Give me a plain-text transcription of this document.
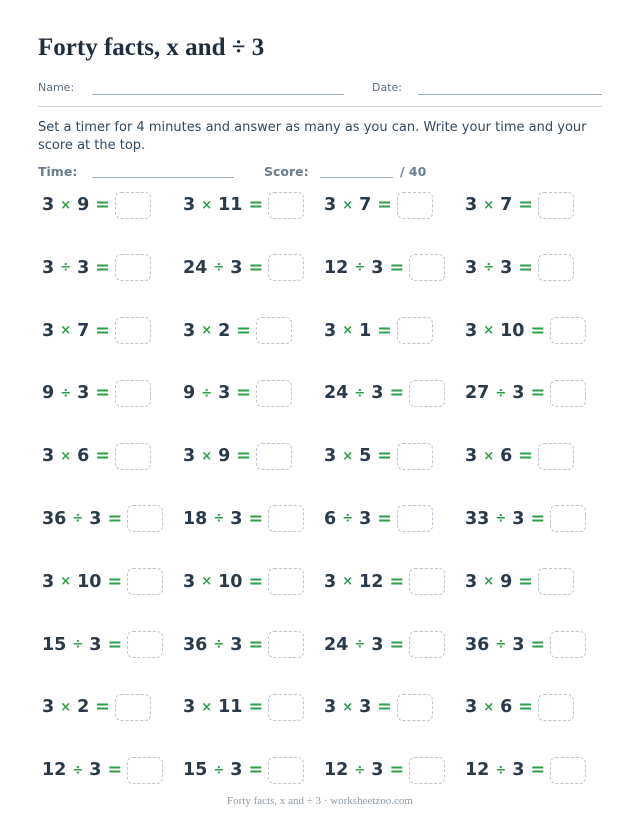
Forty facts, x and ÷ 3
Name:	Date:
Set a timer for 4 minutes and answer as many as you can. Write your time and your score at the top.
Time:	Score:	/ 40
3 × 9 =	3 × 11 =	3 × 7 =	3 × 7 =
3 ÷ 3 =	24 ÷ 3 =	12 ÷ 3 =	3 ÷ 3 =
3 × 7 =	3 × 2 =	3 × 1 =	3 × 10 =
9 ÷ 3 =	9 ÷ 3 =	24 ÷ 3 =	27 ÷ 3 =
3 × 6 =	3 × 9 =	3 × 5 =	3 × 6 =
36 ÷ 3 =	18 ÷ 3 =	6 ÷ 3 =	33 ÷ 3 =
3 × 10 =	3 × 10 =	3 × 12 =	3 × 9 =
15 ÷ 3 =	36 ÷ 3 =	24 ÷ 3 =	36 ÷ 3 =
3 × 2 =	3 × 11 =	3 × 3 =	3 × 6 =
12 ÷ 3 =	15 ÷ 3 =	12 ÷ 3 =	12 ÷ 3 =
Forty facts, x and ÷ 3 · worksheetzoo.com
